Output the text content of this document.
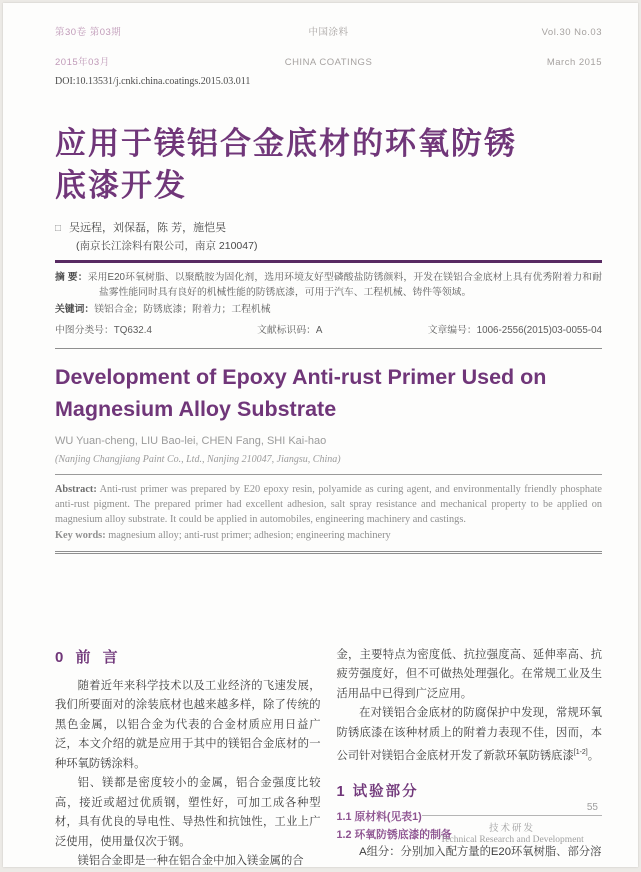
第30卷 第03期

2015年03月
中国涂料

CHINA COATINGS
Vol.30 No.03

March 2015
DOI:10.13531/j.cnki.china.coatings.2015.03.011
应用于镁铝合金底材的环氧防锈
底漆开发
□ 吴远程，刘保磊，陈 芳，施恺昊
(南京长江涂料有限公司，南京 210047)
摘 要：采用E20环氧树脂、以聚酰胺为固化剂，选用环境友好型磷酸盐防锈颜料，开发在镁铝合金底材上具有优秀附着力和耐盐雾性能同时具有良好的机械性能的防锈底漆，可用于汽车、工程机械、铸件等领域。
关键词：镁铝合金；防锈底漆；附着力；工程机械
中图分类号：TQ632.4	文献标识码：A	文章编号：1006-2556(2015)03-0055-04
Development of Epoxy Anti-rust Primer Used on Magnesium Alloy Substrate
WU Yuan-cheng, LIU Bao-lei, CHEN Fang, SHI Kai-hao
(Nanjing Changjiang Paint Co., Ltd., Nanjing 210047, Jiangsu, China)
Abstract: Anti-rust primer was prepared by E20 epoxy resin, polyamide as curing agent, and environmentally friendly phosphate anti-rust pigment. The prepared primer had excellent adhesion, salt spray resistance and mechanical property to be applied on magnesium alloy substrate. It could be applied in automobiles, engineering machinery and castings.
Key words: magnesium alloy; anti-rust primer; adhesion; engineering machinery
0 前 言
随着近年来科学技术以及工业经济的飞速发展，我们所要面对的涂装底材也越来越多样，除了传统的黑色金属，以铝合金为代表的合金材质应用日益广泛，本文介绍的就是应用于其中的镁铝合金底材的一种环氧防锈涂料。
铝、镁都是密度较小的金属，铝合金强度比较高，接近或超过优质钢，塑性好，可加工成各种型材，具有优良的导电性、导热性和抗蚀性，工业上广泛使用，使用量仅次于钢。
镁铝合金即是一种在铝合金中加入镁金属的合
金，主要特点为密度低、抗拉强度高、延伸率高、抗疲劳强度好，但不可做热处理强化。在常规工业及生活用品中已得到广泛应用。
在对镁铝合金底材的防腐保护中发现，常规环氧防锈底漆在该种材质上的附着力表现不佳，因而，本公司针对镁铝合金底材开发了新款环氧防锈底漆[1-2]。
1 试验部分
1.1 原材料(见表1)
1.2 环氧防锈底漆的制备
A组分：分别加入配方量的E20环氧树脂、部分溶
55
技术研发
Technical Research and Development
